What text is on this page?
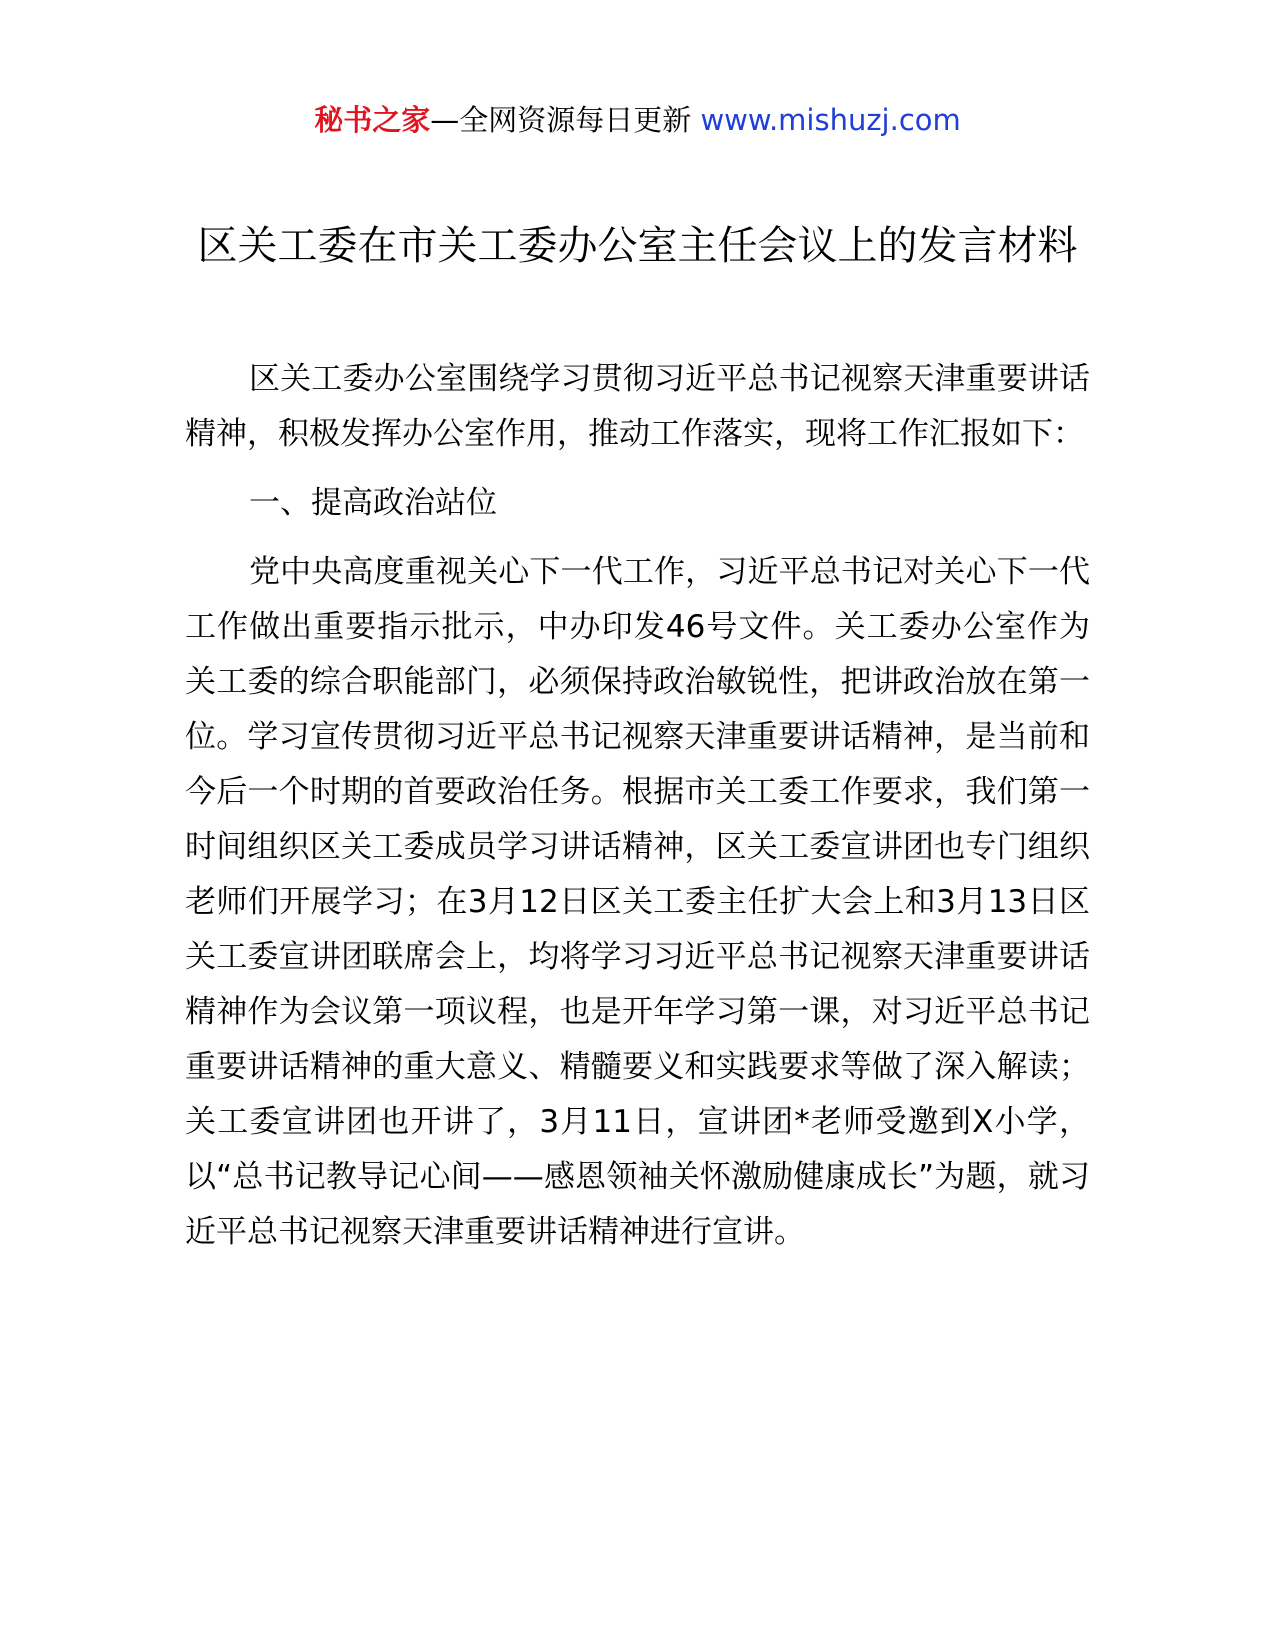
秘书之家—全网资源每日更新 www.mishuzj.com
区关工委在市关工委办公室主任会议上的发言材料

区关工委办公室围绕学习贯彻习近平总书记视察天津重要讲话精神，积极发挥办公室作用，推动工作落实，现将工作汇报如下：

一、提高政治站位

党中央高度重视关心下一代工作，习近平总书记对关心下一代工作做出重要指示批示，中办印发46号文件。关工委办公室作为关工委的综合职能部门，必须保持政治敏锐性，把讲政治放在第一位。学习宣传贯彻习近平总书记视察天津重要讲话精神，是当前和今后一个时期的首要政治任务。根据市关工委工作要求，我们第一时间组织区关工委成员学习讲话精神，区关工委宣讲团也专门组织老师们开展学习；在3月12日区关工委主任扩大会上和3月13日区关工委宣讲团联席会上，均将学习习近平总书记视察天津重要讲话精神作为会议第一项议程，也是开年学习第一课，对习近平总书记重要讲话精神的重大意义、精髓要义和实践要求等做了深入解读；关工委宣讲团也开讲了，3月11日，宣讲团*老师受邀到X小学，以“总书记教导记心间——感恩领袖关怀激励健康成长”为题，就习近平总书记视察天津重要讲话精神进行宣讲。
